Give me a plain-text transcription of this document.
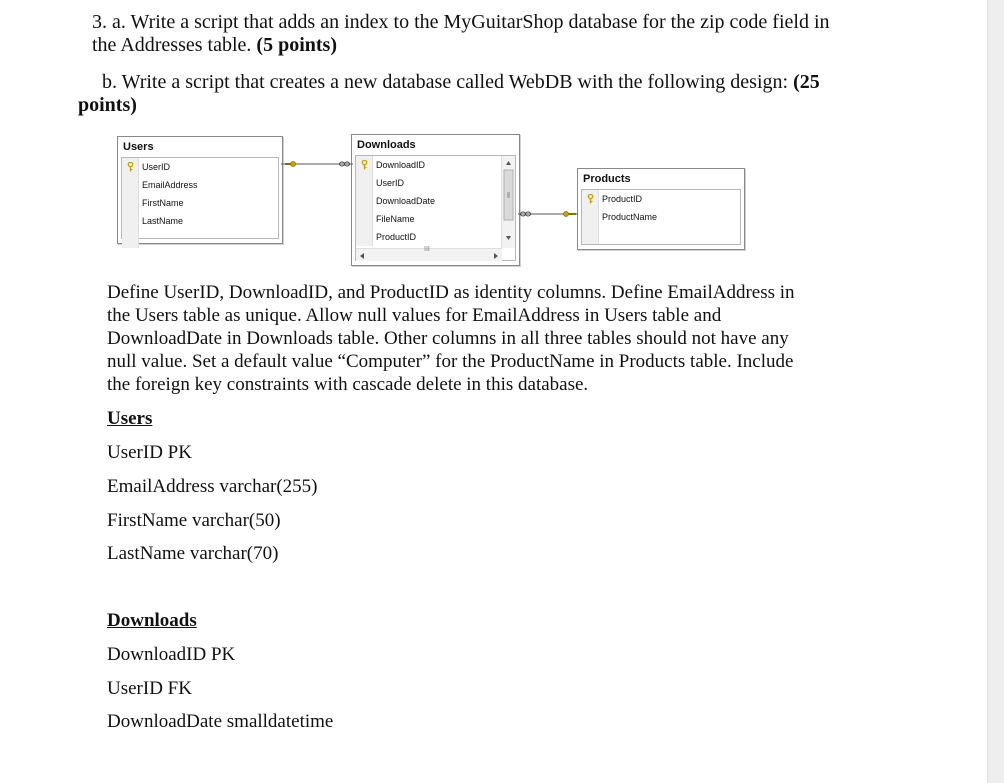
3. a. Write a script that adds an index to the MyGuitarShop database for the zip code field in
the Addresses table. (5 points)
b. Write a script that creates a new database called WebDB with the following design: (25
points)
Users
UserID
EmailAddress
FirstName
LastName
Downloads
DownloadID
UserID
DownloadDate
FileName
ProductID
III
Products
ProductID
ProductName
Define UserID, DownloadID, and ProductID as identity columns. Define EmailAddress in
the Users table as unique. Allow null values for EmailAddress in Users table and
DownloadDate in Downloads table. Other columns in all three tables should not have any
null value. Set a default value “Computer” for the ProductName in Products table. Include
the foreign key constraints with cascade delete in this database.
Users
UserID PK
EmailAddress varchar(255)
FirstName varchar(50)
LastName varchar(70)
Downloads
DownloadID PK
UserID FK
DownloadDate smalldatetime
